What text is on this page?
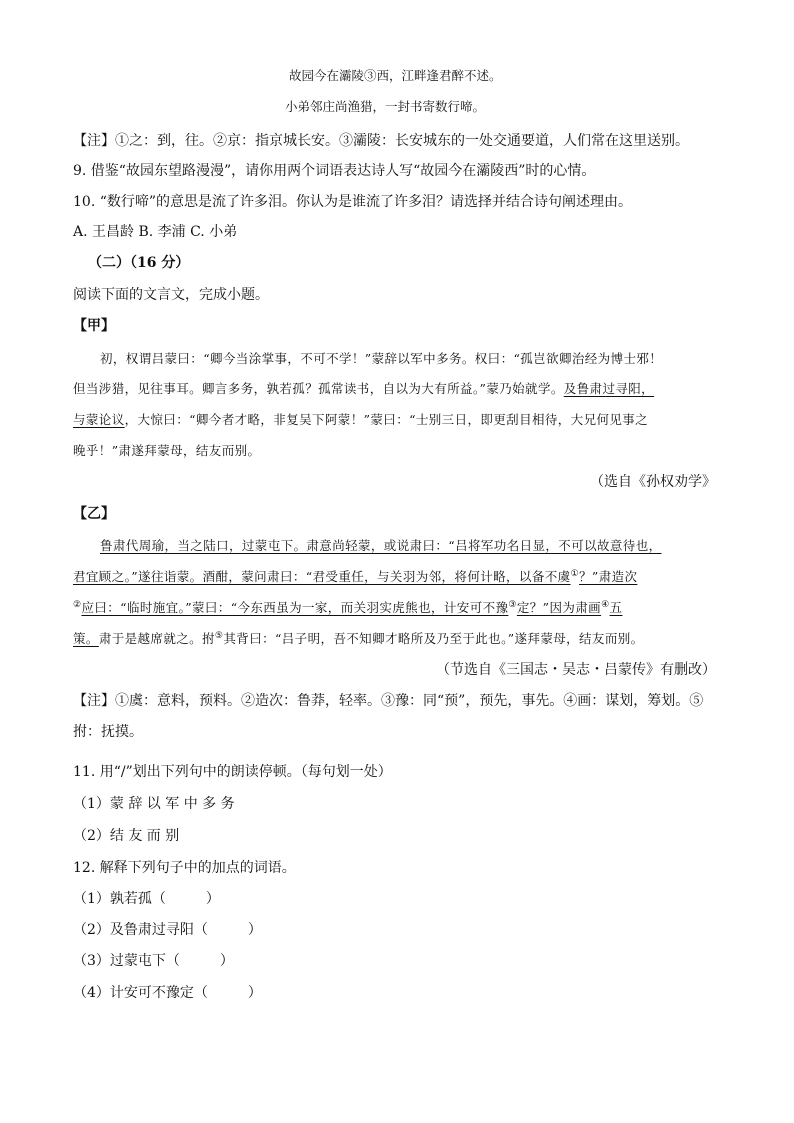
故园今在灞陵③西，江畔逢君醉不述。
小弟邻庄尚渔猎，一封书寄数行啼。
【注】①之：到，往。②京：指京城长安。③灞陵：长安城东的一处交通要道，人们常在这里送别。
9. 借鉴“故园东望路漫漫”，请你用两个词语表达诗人写“故园今在灞陵西”时的心情。
10. “数行啼”的意思是流了许多泪。你认为是谁流了许多泪？请选择并结合诗句阐述理由。
A. 王昌龄 B. 李浦 C. 小弟
（二）（16 分）
阅读下面的文言文，完成小题。
【甲】
初，权谓吕蒙曰：“卿今当涂掌事，不可不学！”蒙辞以军中多务。权曰：“孤岂欲卿治经为博士邪！
但当涉猎，见往事耳。卿言多务，孰若孤？孤常读书，自以为大有所益。”蒙乃始就学。及鲁肃过寻阳，
与蒙论议，大惊曰：“卿今者才略，非复吴下阿蒙！”蒙曰：“士别三日，即更刮目相待，大兄何见事之
晚乎！”肃遂拜蒙母，结友而别。
（选自《孙权劝学》
【乙】
鲁肃代周瑜，当之陆口，过蒙屯下。肃意尚轻蒙，或说肃曰：“吕将军功名日显，不可以故意待也，
君宜顾之。”遂往诣蒙。酒酣，蒙问肃曰：“君受重任，与关羽为邻，将何计略，以备不虞①？”肃造次
②应曰：“临时施宜。”蒙曰：“今东西虽为一家，而关羽实虎熊也，计安可不豫③定？”因为肃画④五
策。肃于是越席就之。拊⑤其背曰：“吕子明，吾不知卿才略所及乃至于此也。”遂拜蒙母，结友而别。
（节选自《三国志・吴志・吕蒙传》有删改）
【注】①虞：意料，预料。②造次：鲁莽，轻率。③豫：同“预”，预先，事先。④画：谋划，筹划。⑤
拊：抚摸。
11. 用“/”划出下列句中的朗读停顿。（每句划一处）
（1）蒙 辞 以 军 中 多 务
（2）结 友 而 别
12. 解释下列句子中的加点的词语。
（1）孰若孤（	）
（2）及鲁肃过寻阳（	）
（3）过蒙屯下（	）
（4）计安可不豫定（	）
